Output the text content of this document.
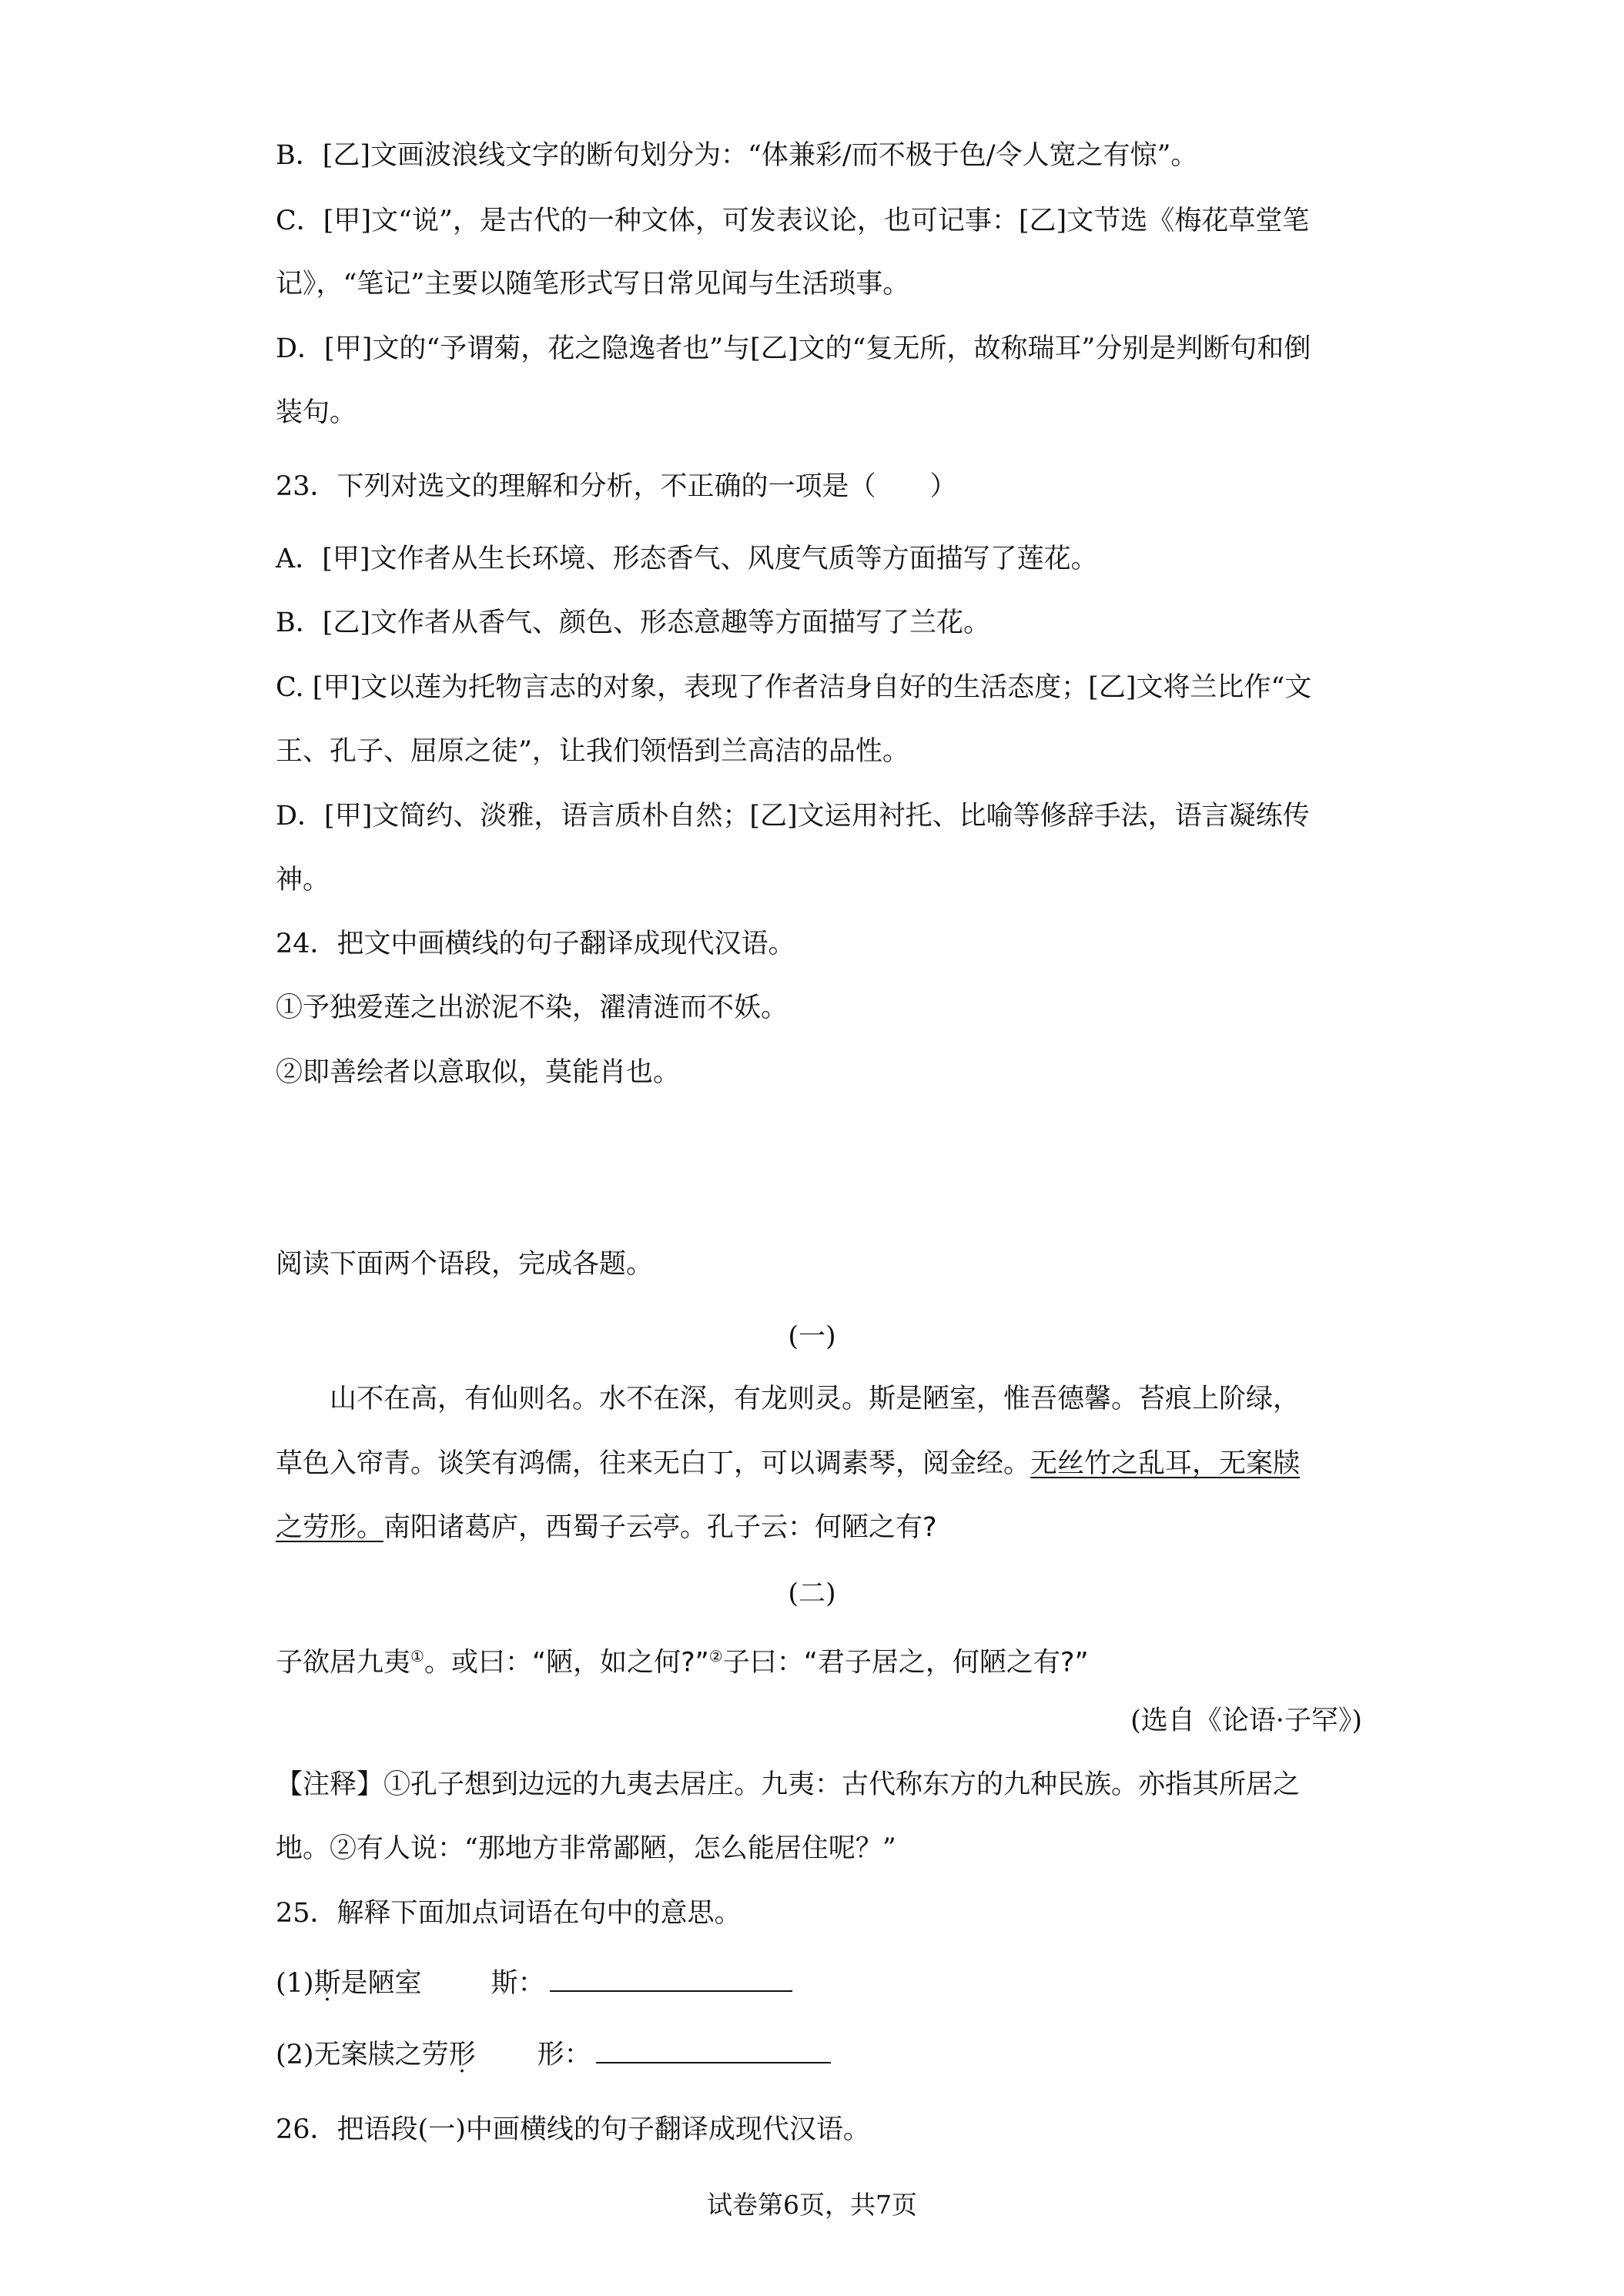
B．[乙]文画波浪线文字的断句划分为：“体兼彩/而不极于色/令人宽之有惊”。
C．[甲]文“说”，是古代的一种文体，可发表议论，也可记事：[乙]文节选《梅花草堂笔
记》，“笔记”主要以随笔形式写日常见闻与生活琐事。
D．[甲]文的“予谓菊，花之隐逸者也”与[乙]文的“复无所，故称瑞耳”分别是判断句和倒
装句。
23．下列对选文的理解和分析，不正确的一项是（　　）
A．[甲]文作者从生长环境、形态香气、风度气质等方面描写了莲花。
B．[乙]文作者从香气、颜色、形态意趣等方面描写了兰花。
C. [甲]文以莲为托物言志的对象，表现了作者洁身自好的生活态度；[乙]文将兰比作“文
王、孔子、屈原之徒”，让我们领悟到兰高洁的品性。
D．[甲]文简约、淡雅，语言质朴自然；[乙]文运用衬托、比喻等修辞手法，语言凝练传
神。
24．把文中画横线的句子翻译成现代汉语。
①予独爱莲之出淤泥不染，濯清涟而不妖。
②即善绘者以意取似，莫能肖也。
阅读下面两个语段，完成各题。
(一)
山不在高，有仙则名。水不在深，有龙则灵。斯是陋室，惟吾德馨。苔痕上阶绿，
草色入帘青。谈笑有鸿儒，往来无白丁，可以调素琴，阅金经。无丝竹之乱耳，无案牍
之劳形。南阳诸葛庐，西蜀子云亭。孔子云：何陋之有?
(二)
子欲居九夷①。或曰：“陋，如之何?”②子曰：“君子居之，何陋之有?”
(选自《论语·子罕》)
【注释】①孔子想到边远的九夷去居庄。九夷：古代称东方的九种民族。亦指其所居之
地。②有人说：“那地方非常鄙陋，怎么能居住呢？”
25．解释下面加点词语在句中的意思。
(1)斯是陋室	斯：
(2)无案牍之劳形 形：
26．把语段(一)中画横线的句子翻译成现代汉语。
试卷第6页，共7页
